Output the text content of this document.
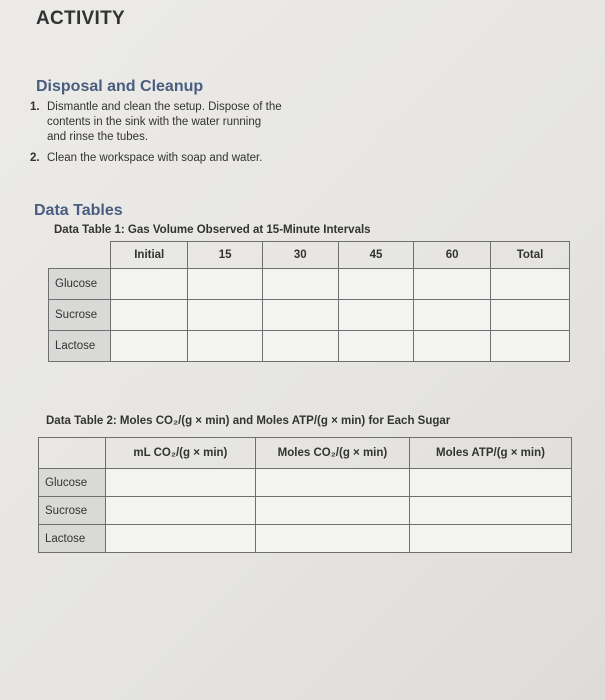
ACTIVITY
Disposal and Cleanup
1. Dismantle and clean the setup. Dispose of the
contents in the sink with the water running
and rinse the tubes.
2. Clean the workspace with soap and water.
Data Tables
Data Table 1: Gas Volume Observed at 15-Minute Intervals
	Initial	15	30	45	60	Total
Glucose						
Sucrose						
Lactose						
Data Table 2: Moles CO₂/(g × min) and Moles ATP/(g × min) for Each Sugar
	mL CO₂/(g × min)	Moles CO₂/(g × min)	Moles ATP/(g × min)
Glucose			
Sucrose			
Lactose			
